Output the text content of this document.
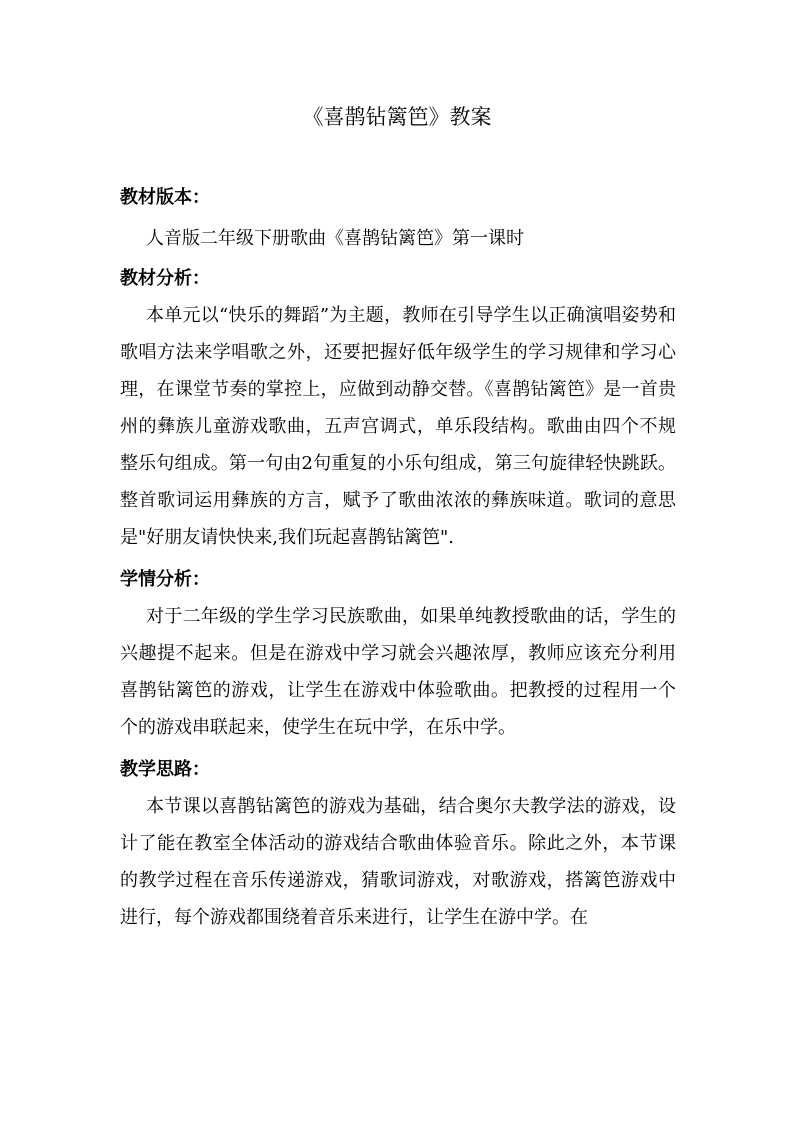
《喜鹊钻篱笆》教案

教材版本：

人音版二年级下册歌曲《喜鹊钻篱笆》第一课时

教材分析：

本单元以“快乐的舞蹈”为主题，教师在引导学生以正确演唱姿势和歌唱方法来学唱歌之外，还要把握好低年级学生的学习规律和学习心理，在课堂节奏的掌控上，应做到动静交替。《喜鹊钻篱笆》是一首贵州的彝族儿童游戏歌曲，五声宫调式，单乐段结构。歌曲由四个不规整乐句组成。第一句由2句重复的小乐句组成，第三句旋律轻快跳跃。整首歌词运用彝族的方言，赋予了歌曲浓浓的彝族味道。歌词的意思是"好朋友请快快来,我们玩起喜鹊钻篱笆".

学情分析：

对于二年级的学生学习民族歌曲，如果单纯教授歌曲的话，学生的兴趣提不起来。但是在游戏中学习就会兴趣浓厚，教师应该充分利用喜鹊钻篱笆的游戏，让学生在游戏中体验歌曲。把教授的过程用一个个的游戏串联起来，使学生在玩中学，在乐中学。

教学思路：

本节课以喜鹊钻篱笆的游戏为基础，结合奥尔夫教学法的游戏，设计了能在教室全体活动的游戏结合歌曲体验音乐。除此之外，本节课的教学过程在音乐传递游戏，猜歌词游戏，对歌游戏，搭篱笆游戏中进行，每个游戏都围绕着音乐来进行，让学生在游中学。在
